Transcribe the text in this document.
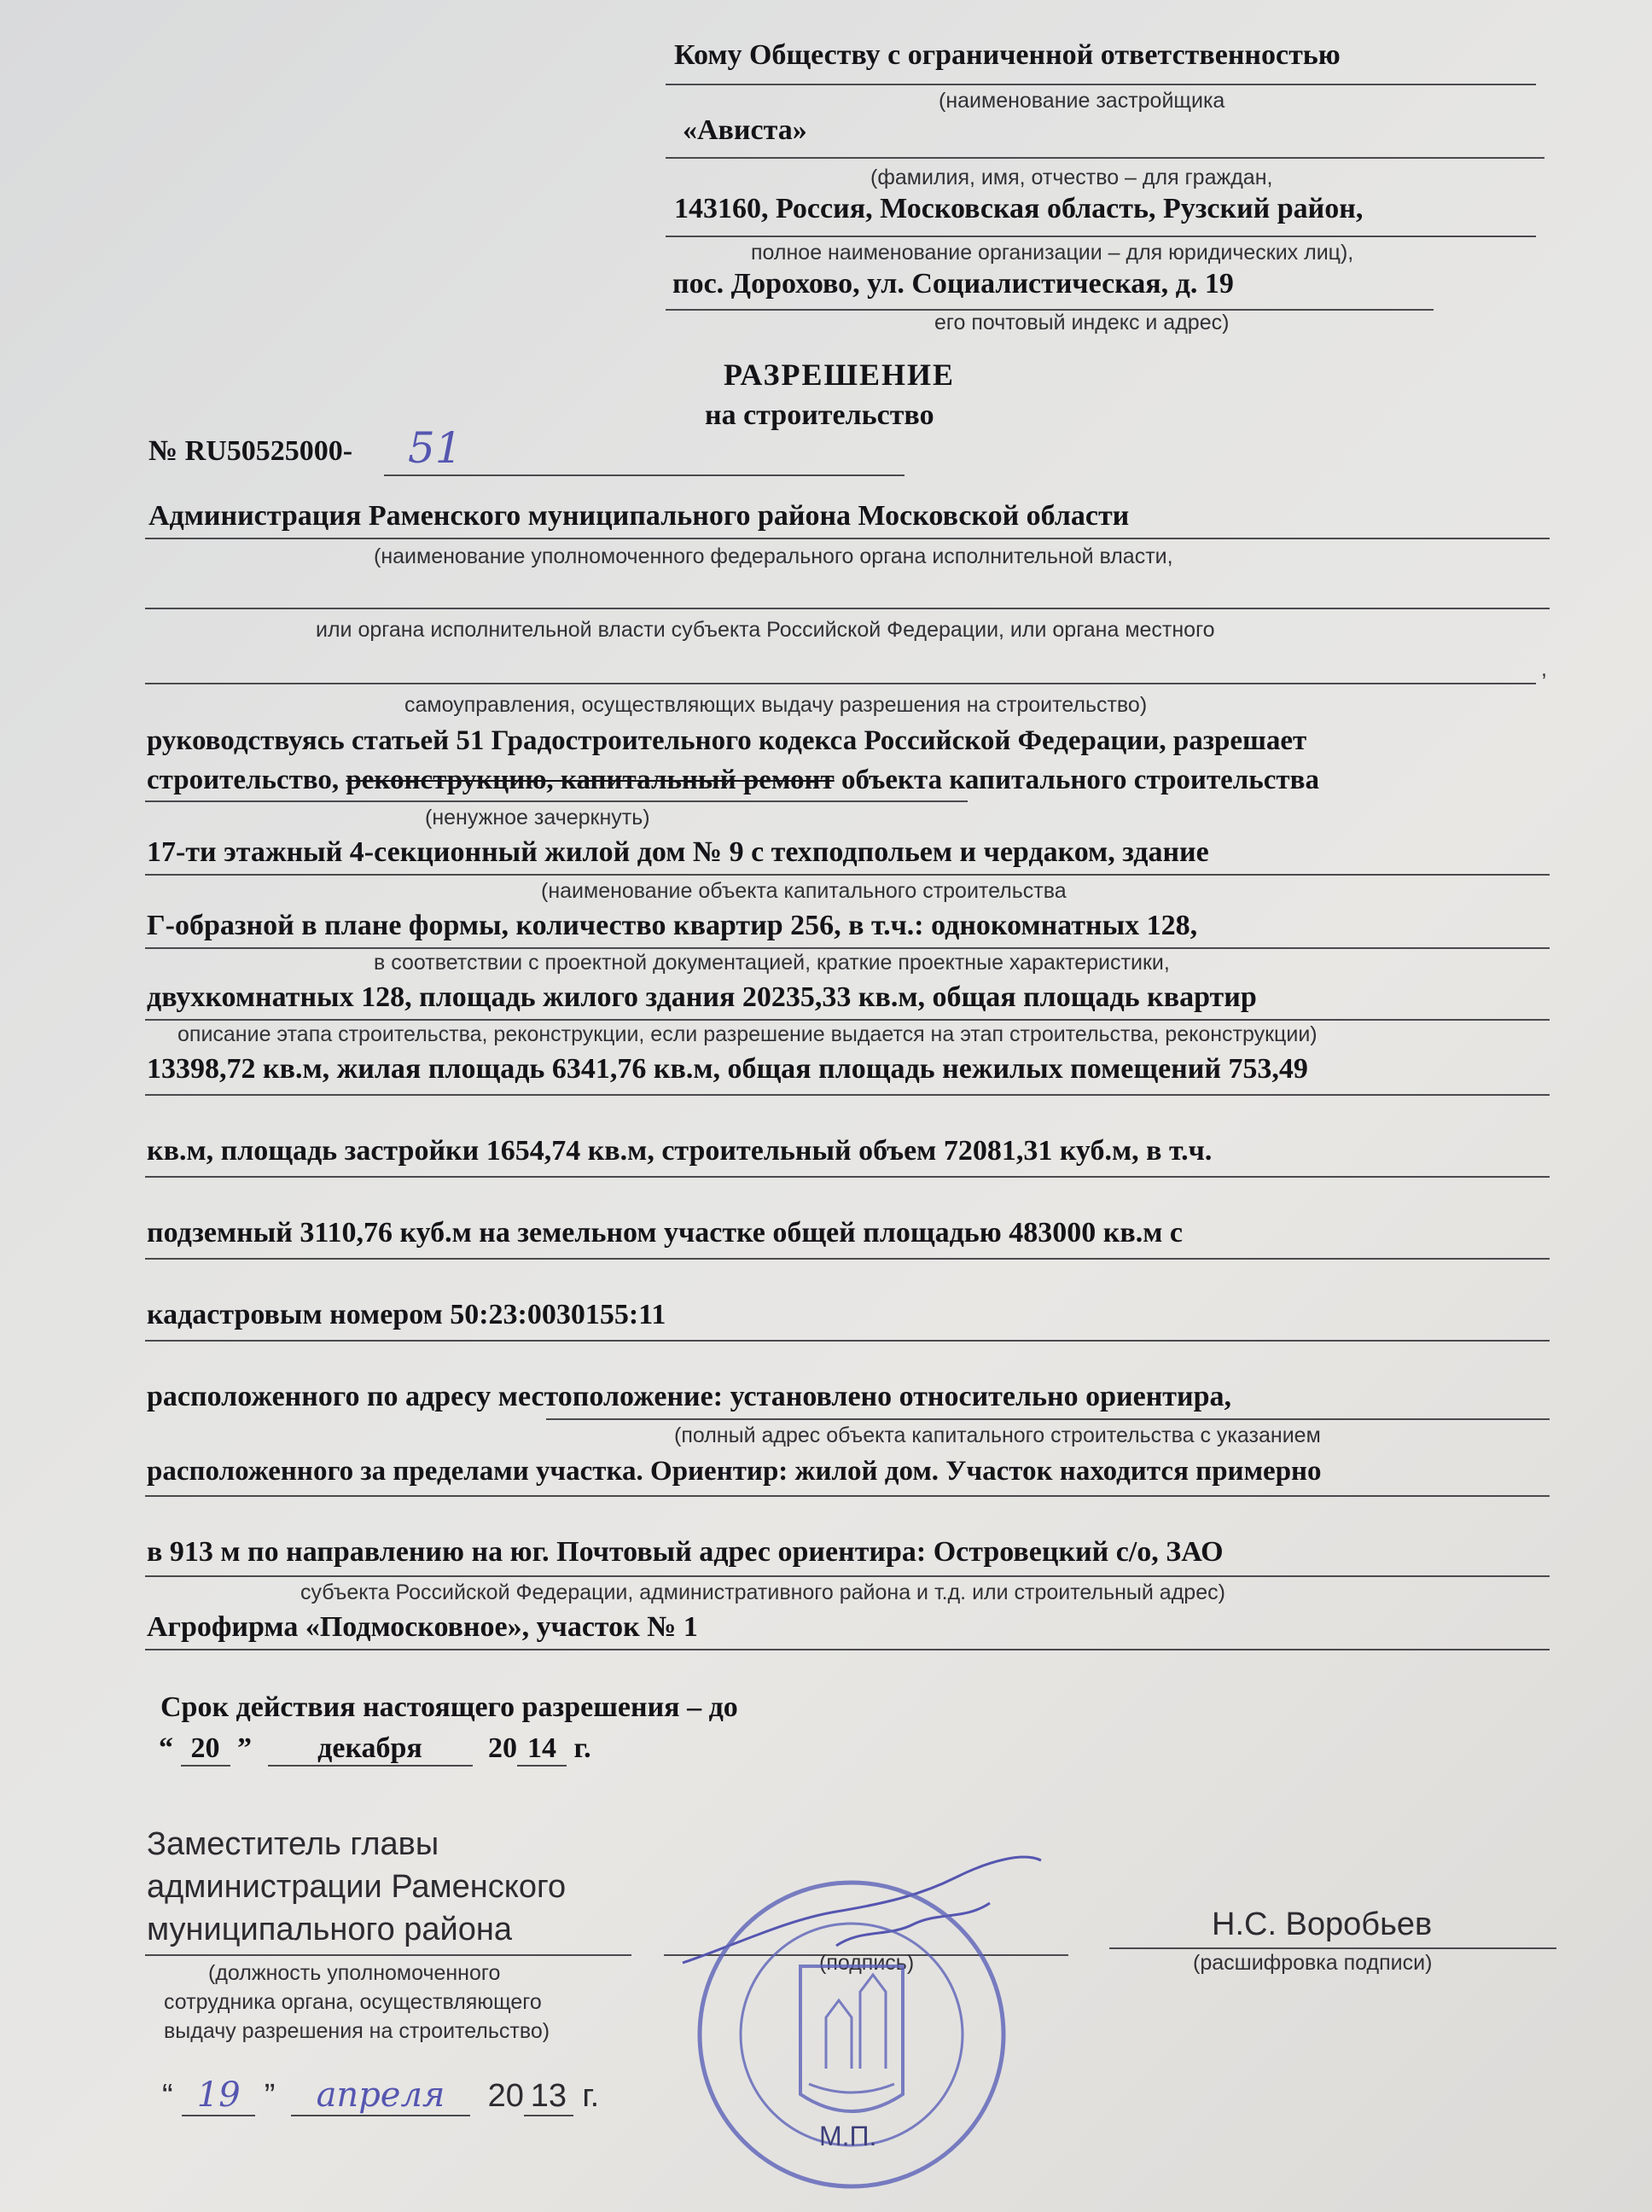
Кому Обществу с ограниченной ответственностью
(наименование застройщика
«Ависта»
(фамилия, имя, отчество – для граждан,
143160, Россия, Московская область, Рузский район,
полное наименование организации – для юридических лиц),
пос. Дорохово, ул. Социалистическая, д. 19
его почтовый индекс и адрес)
РАЗРЕШЕНИЕ
на строительство
№ RU50525000- 51
Администрация Раменского муниципального района Московской области
(наименование уполномоченного федерального органа исполнительной власти,
или органа исполнительной власти субъекта Российской Федерации, или органа местного
,
самоуправления, осуществляющих выдачу разрешения на строительство)
руководствуясь статьей 51 Градостроительного кодекса Российской Федерации, разрешает
строительство, реконструкцию, капитальный ремонт объекта капитального строительства
(ненужное зачеркнуть)
17-ти этажный 4-секционный жилой дом № 9 с техподпольем и чердаком, здание
(наименование объекта капитального строительства
Г-образной в плане формы, количество квартир 256, в т.ч.: однокомнатных 128,
в соответствии с проектной документацией, краткие проектные характеристики,
двухкомнатных 128, площадь жилого здания 20235,33 кв.м, общая площадь квартир
описание этапа строительства, реконструкции, если разрешение выдается на этап строительства, реконструкции)
13398,72 кв.м, жилая площадь 6341,76 кв.м, общая площадь нежилых помещений 753,49
кв.м, площадь застройки 1654,74 кв.м, строительный объем 72081,31 куб.м, в т.ч.
подземный 3110,76 куб.м на земельном участке общей площадью 483000 кв.м с
кадастровым номером 50:23:0030155:11
расположенного по адресу местоположение: установлено относительно ориентира,
(полный адрес объекта капитального строительства с указанием
расположенного за пределами участка. Ориентир: жилой дом. Участок находится примерно
в 913 м по направлению на юг. Почтовый адрес ориентира: Островецкий с/о, ЗАО
субъекта Российской Федерации, административного района и т.д. или строительный адрес)
Агрофирма «Подмосковное», участок № 1
Срок действия настоящего разрешения – до
“ 20 ” декабря 20 14 г.
Заместитель главы
администрации Раменского
муниципального района
(должность уполномоченного
сотрудника органа, осуществляющего
выдачу разрешения на строительство)
(подпись)
Н.С. Воробьев
(расшифровка подписи)
М.П.
“ 19 ” апреля 20 13 г.
